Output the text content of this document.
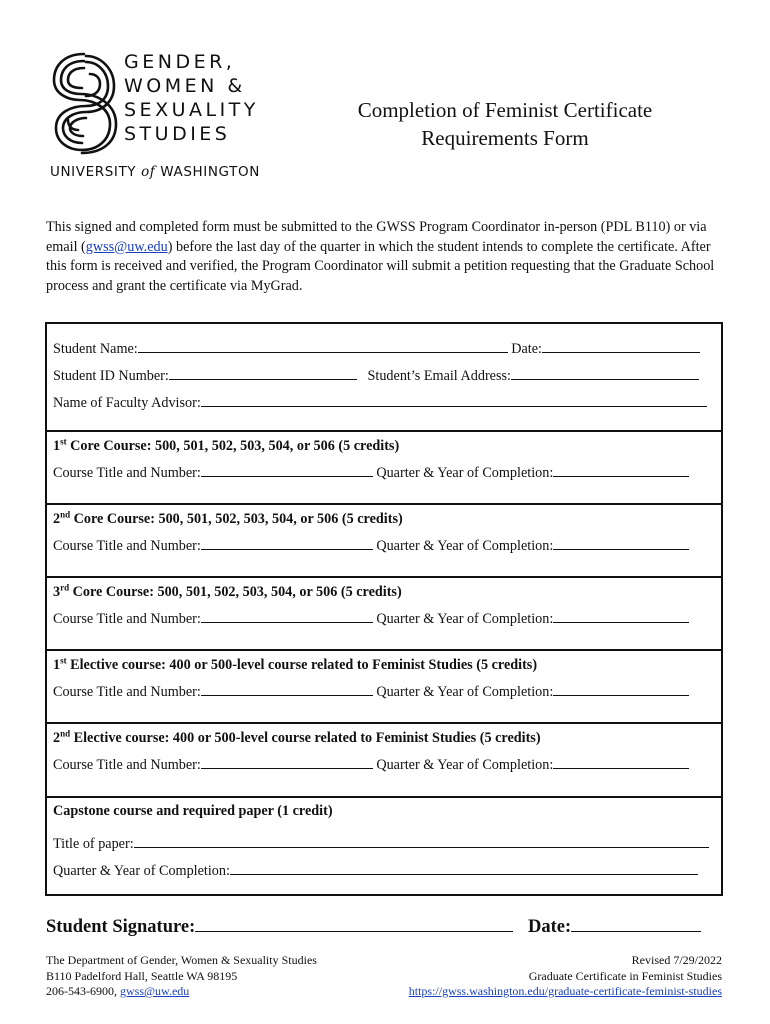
GENDER,
WOMEN &
SEXUALITY
STUDIES
UNIVERSITY of WASHINGTON
Completion of Feminist Certificate
Requirements Form
This signed and completed form must be submitted to the GWSS Program Coordinator in-person (PDL B110) or via email (gwss@uw.edu) before the last day of the quarter in which the student intends to complete the certificate. After this form is received and verified, the Program Coordinator will submit a petition requesting that the Graduate School process and grant the certificate via MyGrad.
Student Name:	Date:
Student ID Number:	Student’s Email Address:
Name of Faculty Advisor:
1st Core Course: 500, 501, 502, 503, 504, or 506 (5 credits)
Course Title and Number:	Quarter & Year of Completion:
2nd Core Course: 500, 501, 502, 503, 504, or 506 (5 credits)
Course Title and Number:	Quarter & Year of Completion:
3rd Core Course: 500, 501, 502, 503, 504, or 506 (5 credits)
Course Title and Number:	Quarter & Year of Completion:
1st Elective course: 400 or 500-level course related to Feminist Studies (5 credits)
Course Title and Number:	Quarter & Year of Completion:
2nd Elective course: 400 or 500-level course related to Feminist Studies (5 credits)
Course Title and Number:	Quarter & Year of Completion:
Capstone course and required paper (1 credit)
Title of paper:
Quarter & Year of Completion:
Student Signature:	Date:
The Department of Gender, Women & Sexuality Studies
B110 Padelford Hall, Seattle WA 98195
206-543-6900, gwss@uw.edu
Revised 7/29/2022
Graduate Certificate in Feminist Studies
https://gwss.washington.edu/graduate-certificate-feminist-studies
